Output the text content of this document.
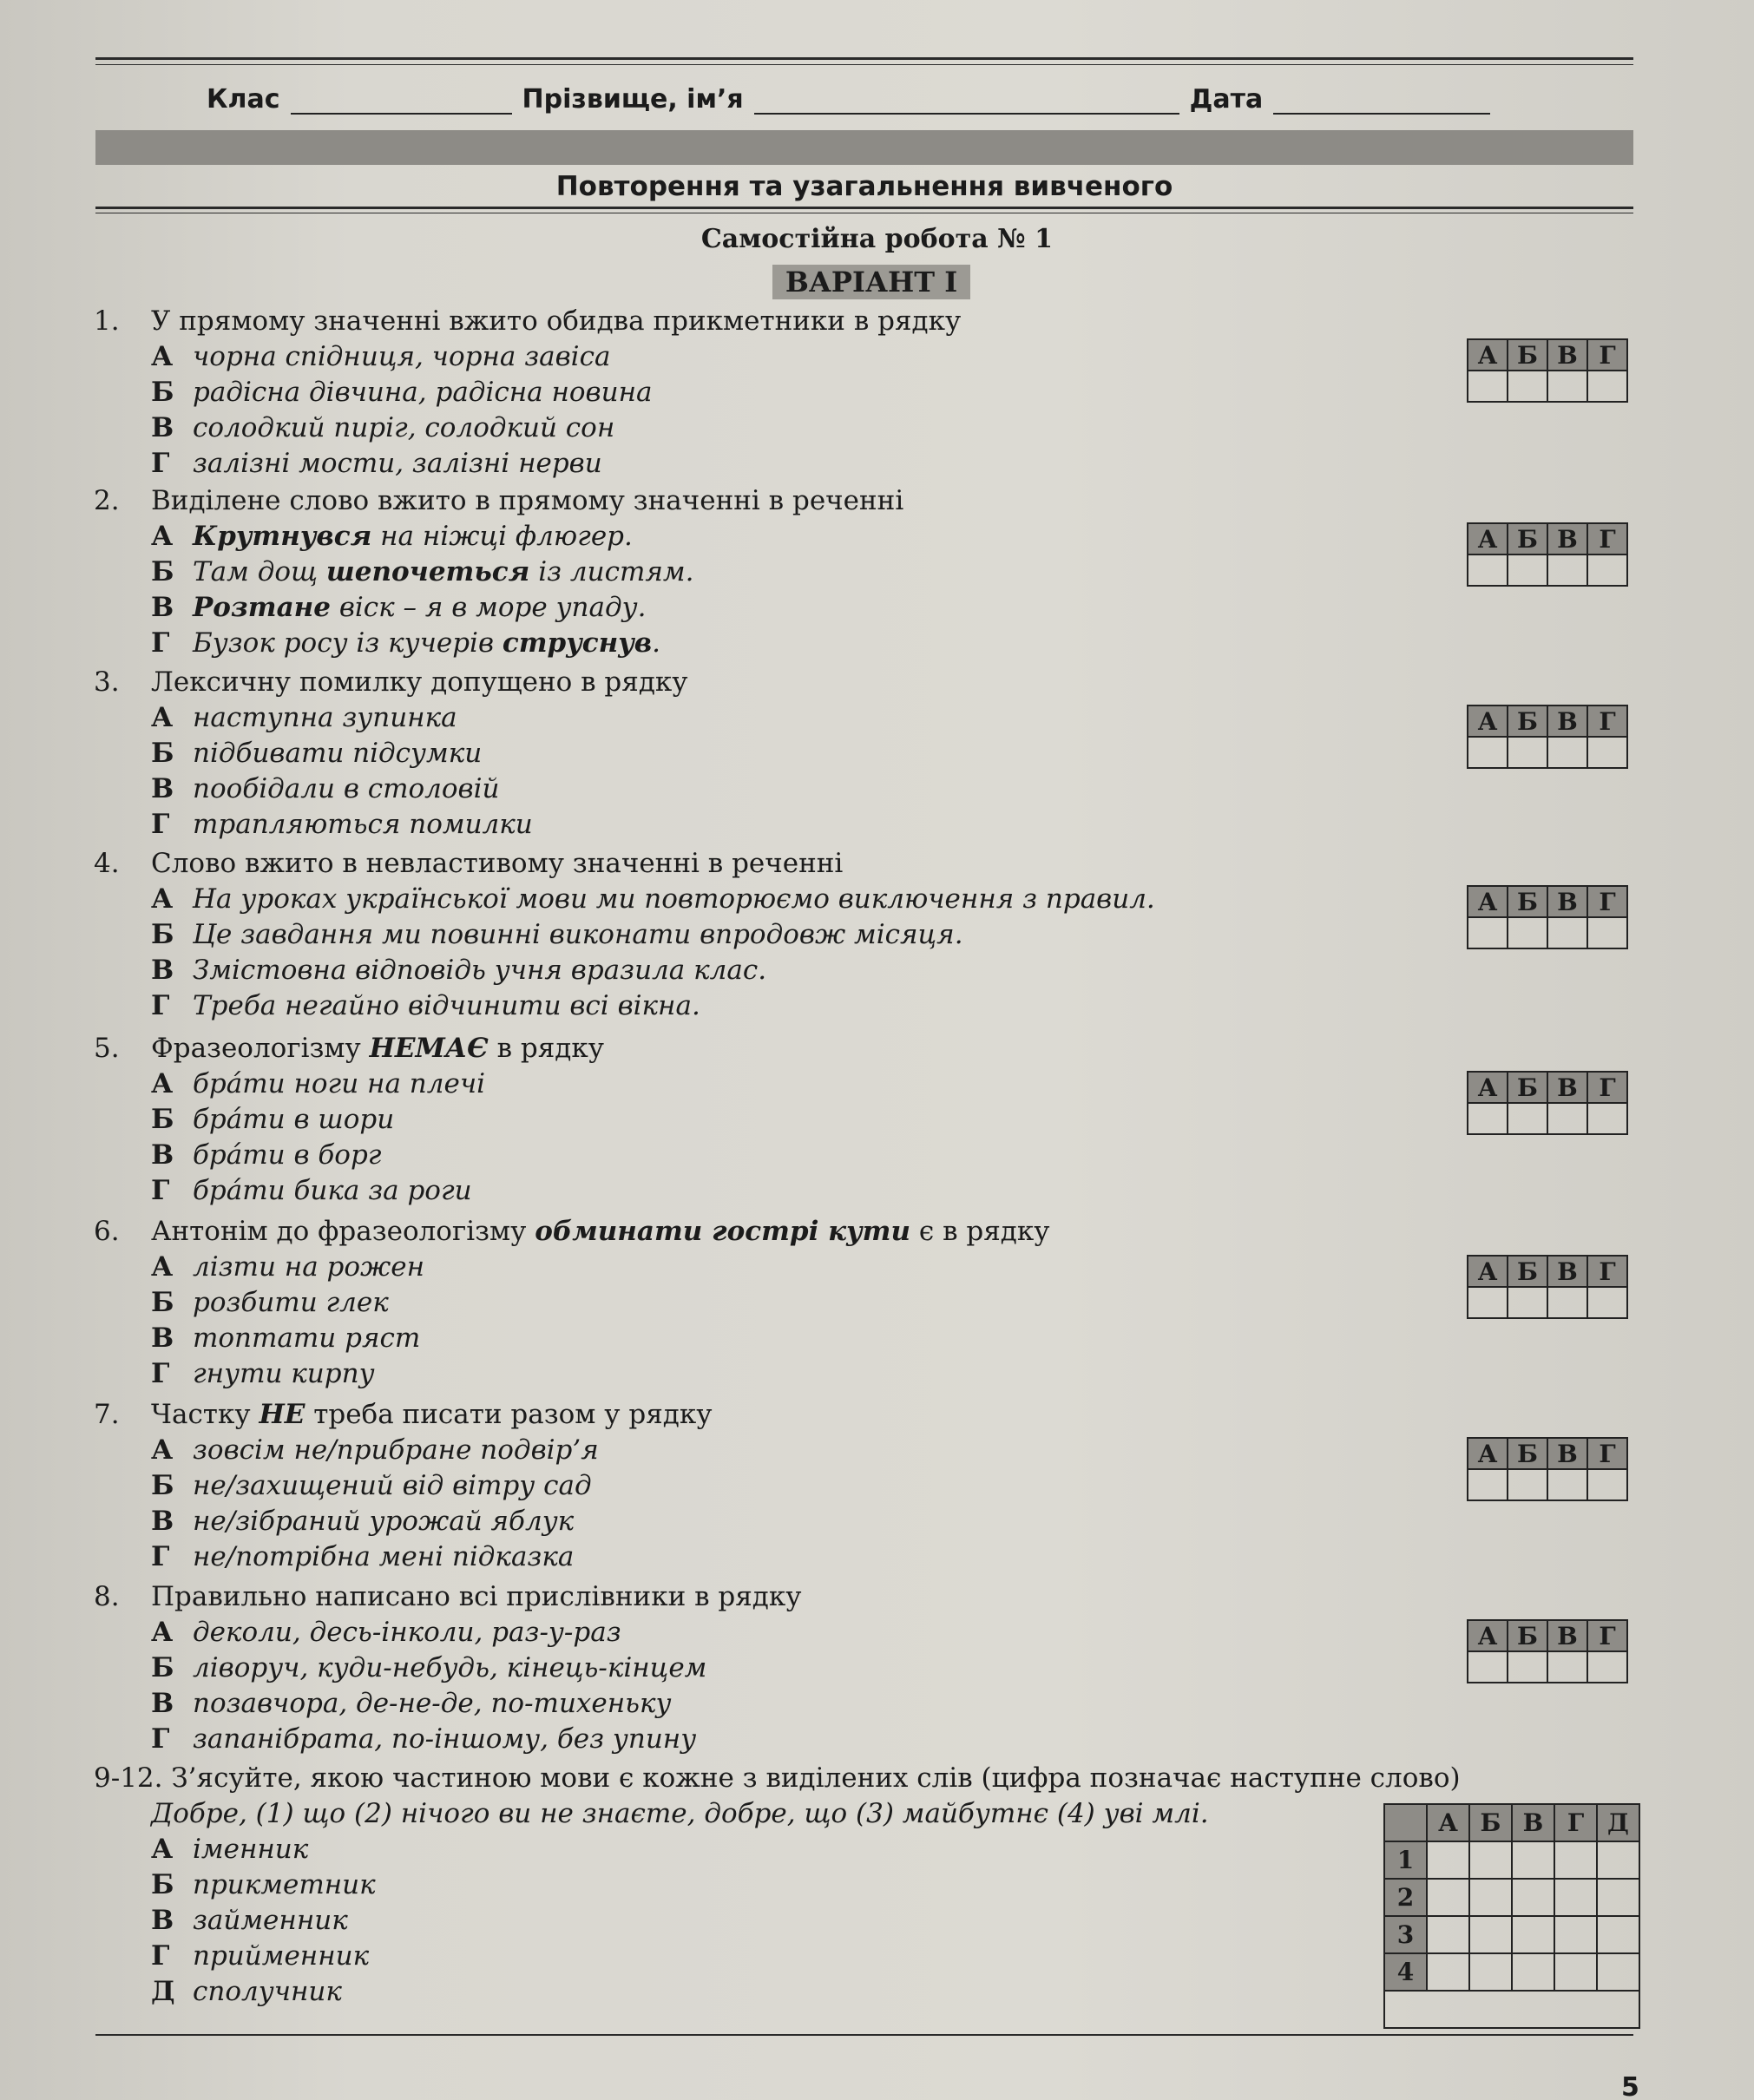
Клас	Прізвище, ім’я	Дата
Повторення та узагальнення вивченого
Самостійна робота № 1
ВАРІАНТ І
1. У прямому значенні вжито обидва прикметники в рядку
А чорна спідниця, чорна завіса
Б радісна дівчина, радісна новина
В солодкий пиріг, солодкий сон
Г залізні мости, залізні нерви
2. Виділене слово вжито в прямому значенні в реченні
А Крутнувся на ніжці флюгер.
Б Там дощ шепочеться із листям.
В Розтане віск – я в море упаду.
Г Бузок росу із кучерів струснув.
3. Лексичну помилку допущено в рядку
А наступна зупинка
Б підбивати підсумки
В пообідали в столовій
Г трапляються помилки
4. Слово вжито в невластивому значенні в реченні
А На уроках української мови ми повторюємо виключення з правил.
Б Це завдання ми повинні виконати впродовж місяця.
В Змістовна відповідь учня вразила клас.
Г Треба негайно відчинити всі вікна.
5. Фразеологізму НЕМАЄ в рядку
А бра́ти ноги на плечі
Б бра́ти в шори
В бра́ти в борг
Г бра́ти бика за роги
6. Антонім до фразеологізму обминати гострі кути є в рядку
А лізти на рожен
Б розбити глек
В топтати ряст
Г гнути кирпу
7. Частку НЕ треба писати разом у рядку
А зовсім не/прибране подвір’я
Б не/захищений від вітру сад
В не/зібраний урожай яблук
Г не/потрібна мені підказка
8. Правильно написано всі прислівники в рядку
А деколи, десь-інколи, раз-у-раз
Б ліворуч, куди-небудь, кінець-кінцем
В позавчора, де-не-де, по-тихеньку
Г запанібрата, по-іншому, без упину
9-12. З’ясуйте, якою частиною мови є кожне з виділених слів (цифра позначає наступне слово)
Добре, (1) що (2) нічого ви не знаєте, добре, що (3) майбутнє (4) уві млі.
А іменник
Б прикметник
В займенник
Г прийменник
Д сполучник
А	Б	В	Г

А	Б	В	Г

А	Б	В	Г

А	Б	В	Г

А	Б	В	Г

А	Б	В	Г

А	Б	В	Г

А	Б	В	Г

	А	Б	В	Г	Д
1					
2					
3					
4					

5
